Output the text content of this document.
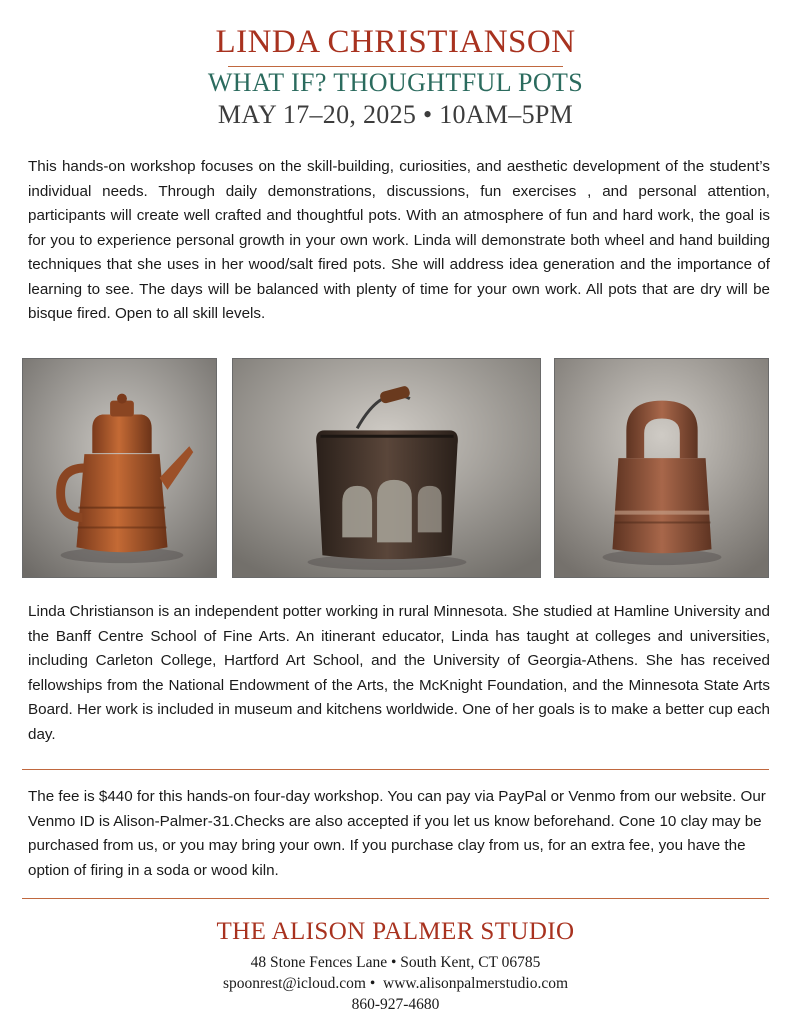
LINDA CHRISTIANSON
WHAT IF? THOUGHTFUL POTS
MAY 17–20, 2025 • 10AM–5PM

This hands-on workshop focuses on the skill-building, curiosities, and aesthetic development of the student’s individual needs. Through daily demonstrations, discussions, fun exercises , and personal attention, participants will create well crafted and thoughtful pots. With an atmosphere of fun and hard work, the goal is for you to experience personal growth in your own work. Linda will demonstrate both wheel and hand building techniques that she uses in her wood/salt fired pots. She will address idea generation and the importance of learning to see. The days will be balanced with plenty of time for your own work. All pots that are dry will be bisque fired. Open to all skill levels.

Linda Christianson is an independent potter working in rural Minnesota. She studied at Hamline University and the Banff Centre School of Fine Arts. An itinerant educator, Linda has taught at colleges and universities, including Carleton College, Hartford Art School, and the University of Georgia-Athens. She has received fellowships from the National Endowment of the Arts, the McKnight Foundation, and the Minnesota State Arts Board. Her work is included in museum and kitchens worldwide. One of her goals is to make a better cup each day.

The fee is $440 for this hands-on four-day workshop. You can pay via PayPal or Venmo from our website. Our Venmo ID is Alison-Palmer-31.Checks are also accepted if you let us know beforehand. Cone 10 clay may be purchased from us, or you may bring your own. If you purchase clay from us, for an extra fee, you have the option of firing in a soda or wood kiln.

THE ALISON PALMER STUDIO
48 Stone Fences Lane • South Kent, CT 06785
spoonrest@icloud.com •  www.alisonpalmerstudio.com
860-927-4680
